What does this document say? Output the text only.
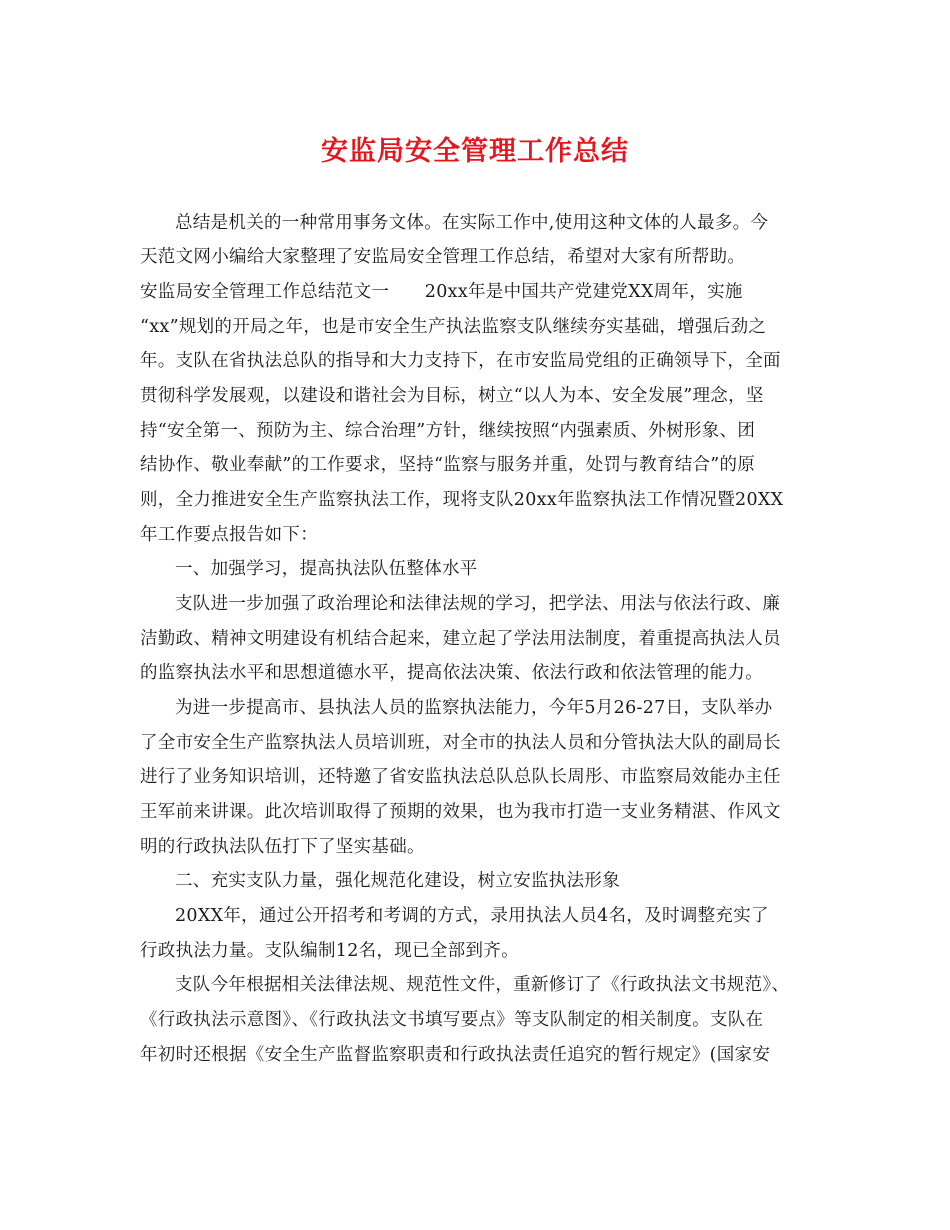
安监局安全管理工作总结
总结是机关的一种常用事务文体。在实际工作中,使用这种文体的人最多。今
天范文网小编给大家整理了安监局安全管理工作总结，希望对大家有所帮助。
安监局安全管理工作总结范文一　　20xx年是中国共产党建党XX周年，实施
“xx”规划的开局之年，也是市安全生产执法监察支队继续夯实基础，增强后劲之
年。支队在省执法总队的指导和大力支持下，在市安监局党组的正确领导下，全面
贯彻科学发展观，以建设和谐社会为目标，树立“以人为本、安全发展”理念，坚
持“安全第一、预防为主、综合治理”方针，继续按照“内强素质、外树形象、团
结协作、敬业奉献”的工作要求，坚持“监察与服务并重，处罚与教育结合”的原
则，全力推进安全生产监察执法工作，现将支队20xx年监察执法工作情况暨20XX
年工作要点报告如下：
一、加强学习，提高执法队伍整体水平
支队进一步加强了政治理论和法律法规的学习，把学法、用法与依法行政、廉
洁勤政、精神文明建设有机结合起来，建立起了学法用法制度，着重提高执法人员
的监察执法水平和思想道德水平，提高依法决策、依法行政和依法管理的能力。
为进一步提高市、县执法人员的监察执法能力，今年5月26-27日，支队举办
了全市安全生产监察执法人员培训班，对全市的执法人员和分管执法大队的副局长
进行了业务知识培训，还特邀了省安监执法总队总队长周彤、市监察局效能办主任
王军前来讲课。此次培训取得了预期的效果，也为我市打造一支业务精湛、作风文
明的行政执法队伍打下了坚实基础。
二、充实支队力量，强化规范化建设，树立安监执法形象
20XX年，通过公开招考和考调的方式，录用执法人员4名，及时调整充实了
行政执法力量。支队编制12名，现已全部到齐。
支队今年根据相关法律法规、规范性文件，重新修订了《行政执法文书规范》、
《行政执法示意图》、《行政执法文书填写要点》等支队制定的相关制度。支队在
年初时还根据《安全生产监督监察职责和行政执法责任追究的暂行规定》(国家安
